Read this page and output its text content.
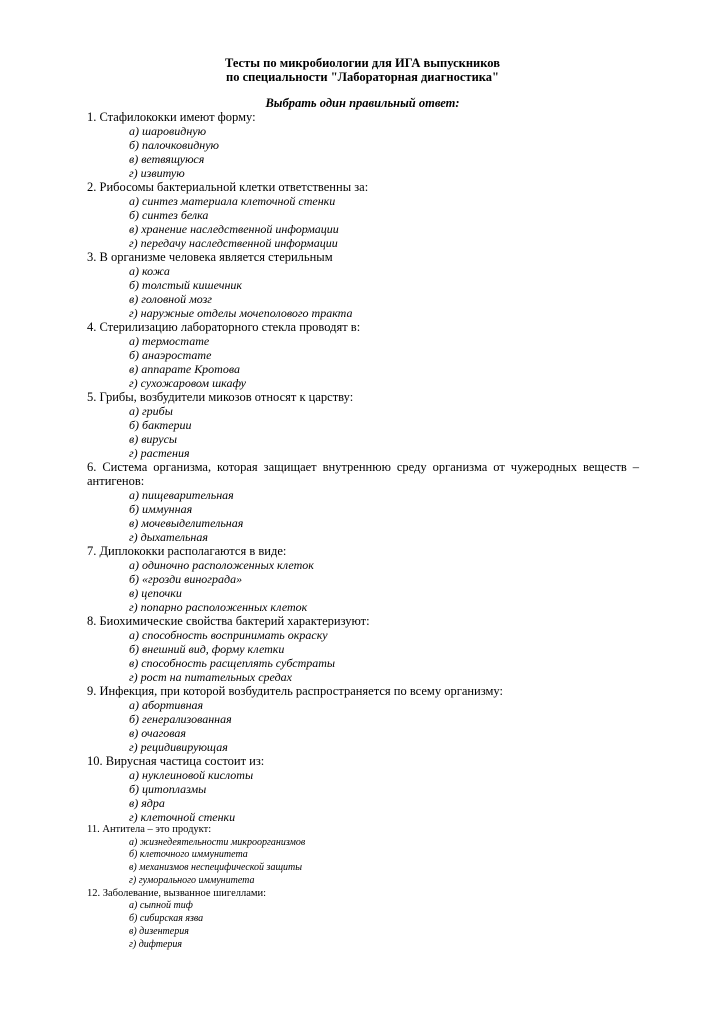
Тесты по микробиологии для ИГА выпускников
по специальности "Лабораторная диагностика"
Выбрать один правильный ответ:
1. Стафилококки имеют форму:
а) шаровидную
б) палочковидную
в) ветвящуюся
г) извитую
2. Рибосомы бактериальной клетки ответственны за:
а) синтез материала клеточной стенки
б) синтез белка
в) хранение наследственной информации
г) передачу наследственной информации
3. В организме человека является стерильным
а) кожа
б) толстый кишечник
в) головной мозг
г) наружные отделы мочеполового тракта
4. Стерилизацию лабораторного стекла проводят в:
а) термостате
б) анаэростате
в) аппарате Кротова
г) сухожаровом шкафу
5. Грибы, возбудители микозов относят к царству:
а) грибы
б) бактерии
в) вирусы
г) растения
6. Система организма, которая защищает внутреннюю среду организма от чужеродных веществ – антигенов:
а) пищеварительная
б) иммунная
в) мочевыделительная
г) дыхательная
7. Диплококки располагаются в виде:
а) одиночно расположенных клеток
б) «грозди винограда»
в) цепочки
г) попарно расположенных клеток
8. Биохимические свойства бактерий характеризуют:
а) способность воспринимать окраску
б) внешний вид, форму клетки
в) способность расщеплять субстраты
г) рост на питательных средах
9. Инфекция, при которой возбудитель распространяется по всему организму:
а) абортивная
б) генерализованная
в) очаговая
г) рецидивирующая
10. Вирусная частица состоит из:
а) нуклеиновой кислоты
б) цитоплазмы
в) ядра
г) клеточной стенки
11. Антитела – это продукт:
а) жизнедеятельности микроорганизмов
б) клеточного иммунитета
в) механизмов неспецифической защиты
г) гуморального иммунитета
12. Заболевание, вызванное шигеллами:
а) сыпной тиф
б) сибирская язва
в) дизентерия
г) дифтерия
